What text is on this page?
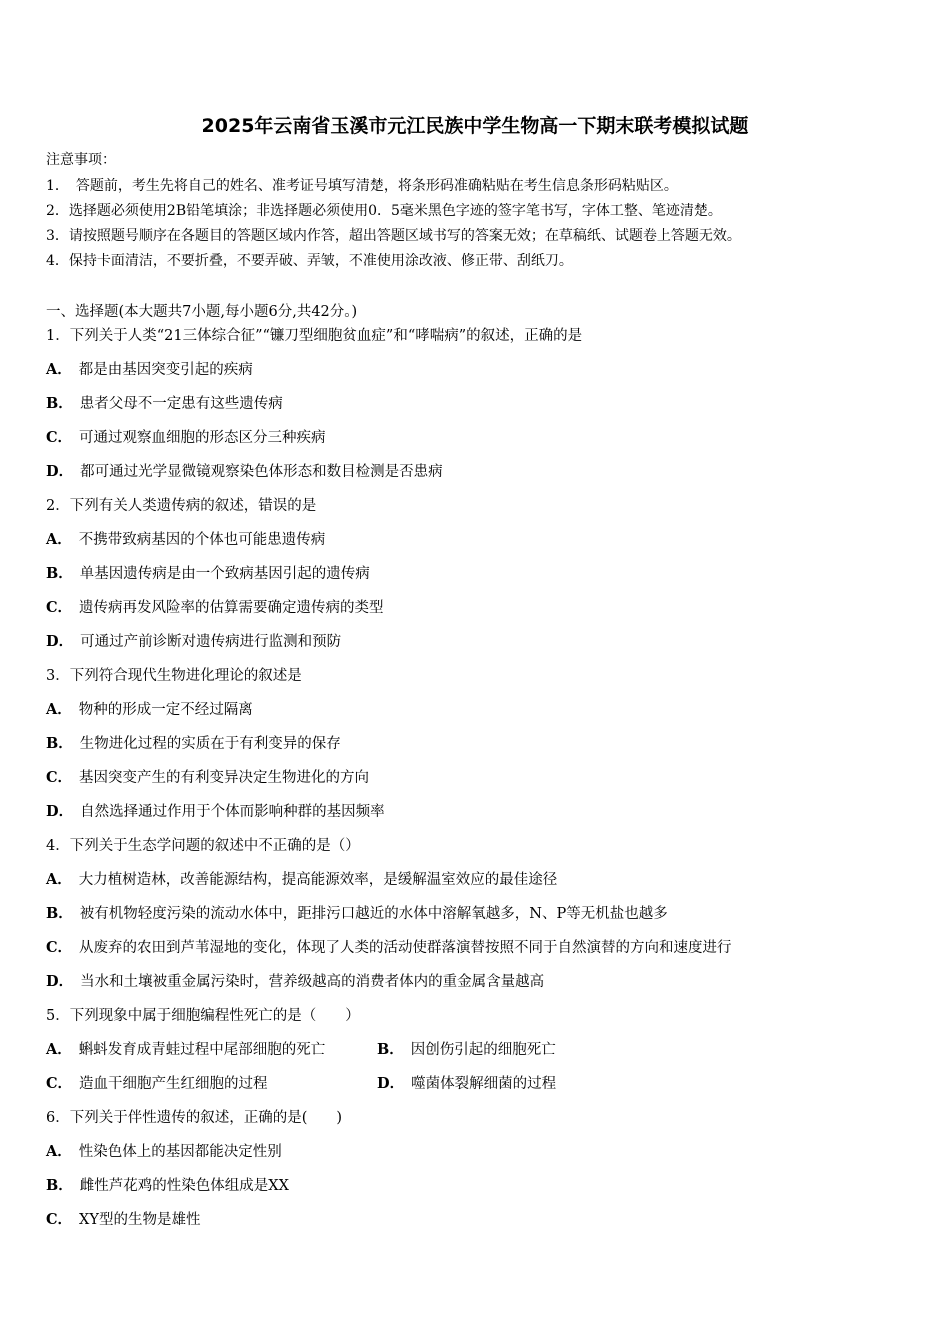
2025年云南省玉溪市元江民族中学生物高一下期末联考模拟试题
注意事项：
1．　答题前，考生先将自己的姓名、准考证号填写清楚，将条形码准确粘贴在考生信息条形码粘贴区。
2．选择题必须使用2B铅笔填涂；非选择题必须使用0．5毫米黑色字迹的签字笔书写，字体工整、笔迹清楚。
3．请按照题号顺序在各题目的答题区域内作答，超出答题区域书写的答案无效；在草稿纸、试题卷上答题无效。
4．保持卡面清洁，不要折叠，不要弄破、弄皱，不准使用涂改液、修正带、刮纸刀。
一、选择题(本大题共7小题,每小题6分,共42分。)
1．下列关于人类“21三体综合征”“镰刀型细胞贫血症”和“哮喘病”的叙述，正确的是
A． 都是由基因突变引起的疾病
B． 患者父母不一定患有这些遗传病
C． 可通过观察血细胞的形态区分三种疾病
D． 都可通过光学显微镜观察染色体形态和数目检测是否患病
2．下列有关人类遗传病的叙述，错误的是
A． 不携带致病基因的个体也可能患遗传病
B． 单基因遗传病是由一个致病基因引起的遗传病
C． 遗传病再发风险率的估算需要确定遗传病的类型
D． 可通过产前诊断对遗传病进行监测和预防
3．下列符合现代生物进化理论的叙述是
A． 物种的形成一定不经过隔离
B． 生物进化过程的实质在于有利变异的保存
C． 基因突变产生的有利变异决定生物进化的方向
D． 自然选择通过作用于个体而影响种群的基因频率
4．下列关于生态学问题的叙述中不正确的是（）
A． 大力植树造林，改善能源结构，提高能源效率，是缓解温室效应的最佳途径
B． 被有机物轻度污染的流动水体中，距排污口越近的水体中溶解氧越多，N、P等无机盐也越多
C． 从废弃的农田到芦苇湿地的变化，体现了人类的活动使群落演替按照不同于自然演替的方向和速度进行
D． 当水和土壤被重金属污染时，营养级越高的消费者体内的重金属含量越高
5．下列现象中属于细胞编程性死亡的是（　　）
A． 蝌蚪发育成青蛙过程中尾部细胞的死亡	B． 因创伤引起的细胞死亡
C． 造血干细胞产生红细胞的过程	D． 噬菌体裂解细菌的过程
6．下列关于伴性遗传的叙述，正确的是(　　)
A． 性染色体上的基因都能决定性别
B． 雌性芦花鸡的性染色体组成是XX
C． XY型的生物是雄性
